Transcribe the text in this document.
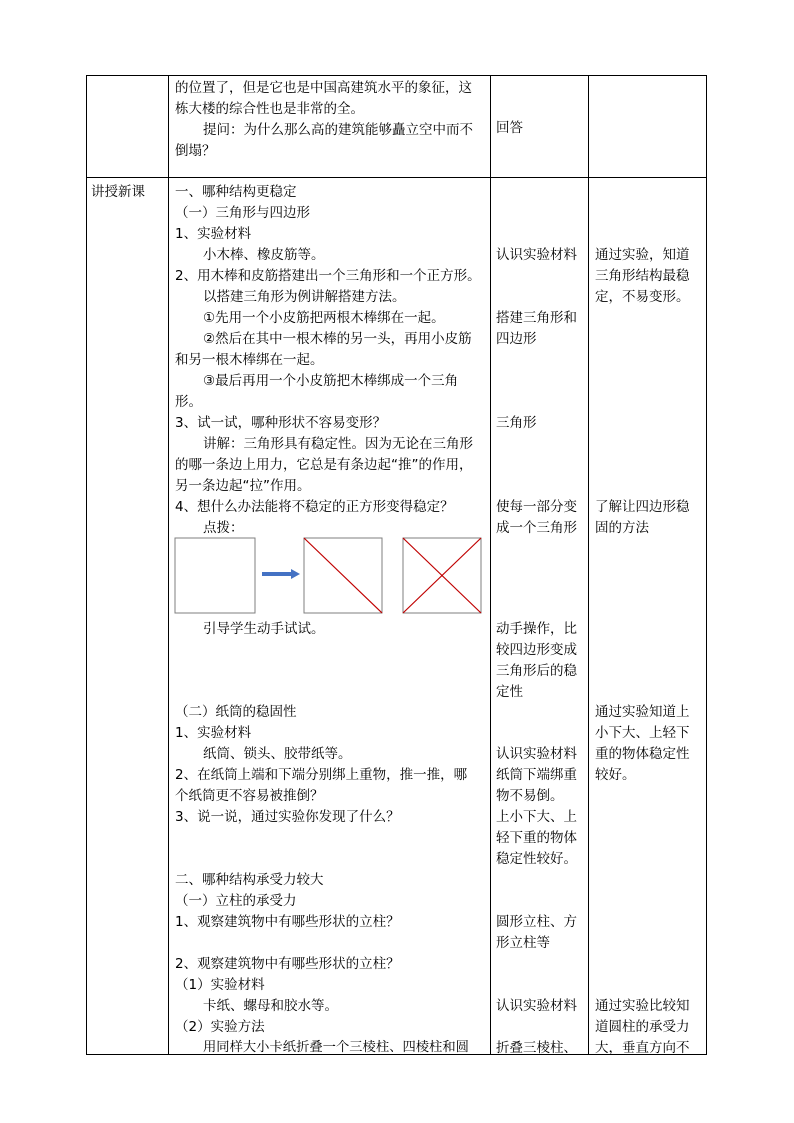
的位置了，但是它也是中国高建筑水平的象征，这
栋大楼的综合性也是非常的全。
提问：为什么那么高的建筑能够矗立空中而不
倒塌？
回答
讲授新课 一、哪种结构更稳定
（一）三角形与四边形
1、实验材料
小木棒、橡皮筋等。
2、用木棒和皮筋搭建出一个三角形和一个正方形。
以搭建三角形为例讲解搭建方法。
①先用一个小皮筋把两根木棒绑在一起。
②然后在其中一根木棒的另一头，再用小皮筋
和另一根木棒绑在一起。
③最后再用一个小皮筋把木棒绑成一个三角
形。
3、试一试，哪种形状不容易变形？
讲解：三角形具有稳定性。因为无论在三角形
的哪一条边上用力，它总是有条边起“推”的作用，
另一条边起“拉”作用。
4、想什么办法能将不稳定的正方形变得稳定？
点拨：
引导学生动手试试。
（二）纸筒的稳固性
1、实验材料
纸筒、锁头、胶带纸等。
2、在纸筒上端和下端分别绑上重物，推一推，哪
个纸筒更不容易被推倒？
3、说一说，通过实验你发现了什么？
二、哪种结构承受力较大
（一）立柱的承受力
1、观察建筑物中有哪些形状的立柱？
2、观察建筑物中有哪些形状的立柱？
（1）实验材料
卡纸、螺母和胶水等。
（2）实验方法
用同样大小卡纸折叠一个三棱柱、四棱柱和圆
认识实验材料
搭建三角形和
四边形
三角形
使每一部分变
成一个三角形
动手操作，比
较四边形变成
三角形后的稳
定性
认识实验材料
纸筒下端绑重
物不易倒。
上小下大、上
轻下重的物体
稳定性较好。
圆形立柱、方
形立柱等
认识实验材料
折叠三棱柱、
通过实验，知道
三角形结构最稳
定，不易变形。
了解让四边形稳
固的方法
通过实验知道上
小下大、上轻下
重的物体稳定性
较好。
通过实验比较知
道圆柱的承受力
大，垂直方向不
